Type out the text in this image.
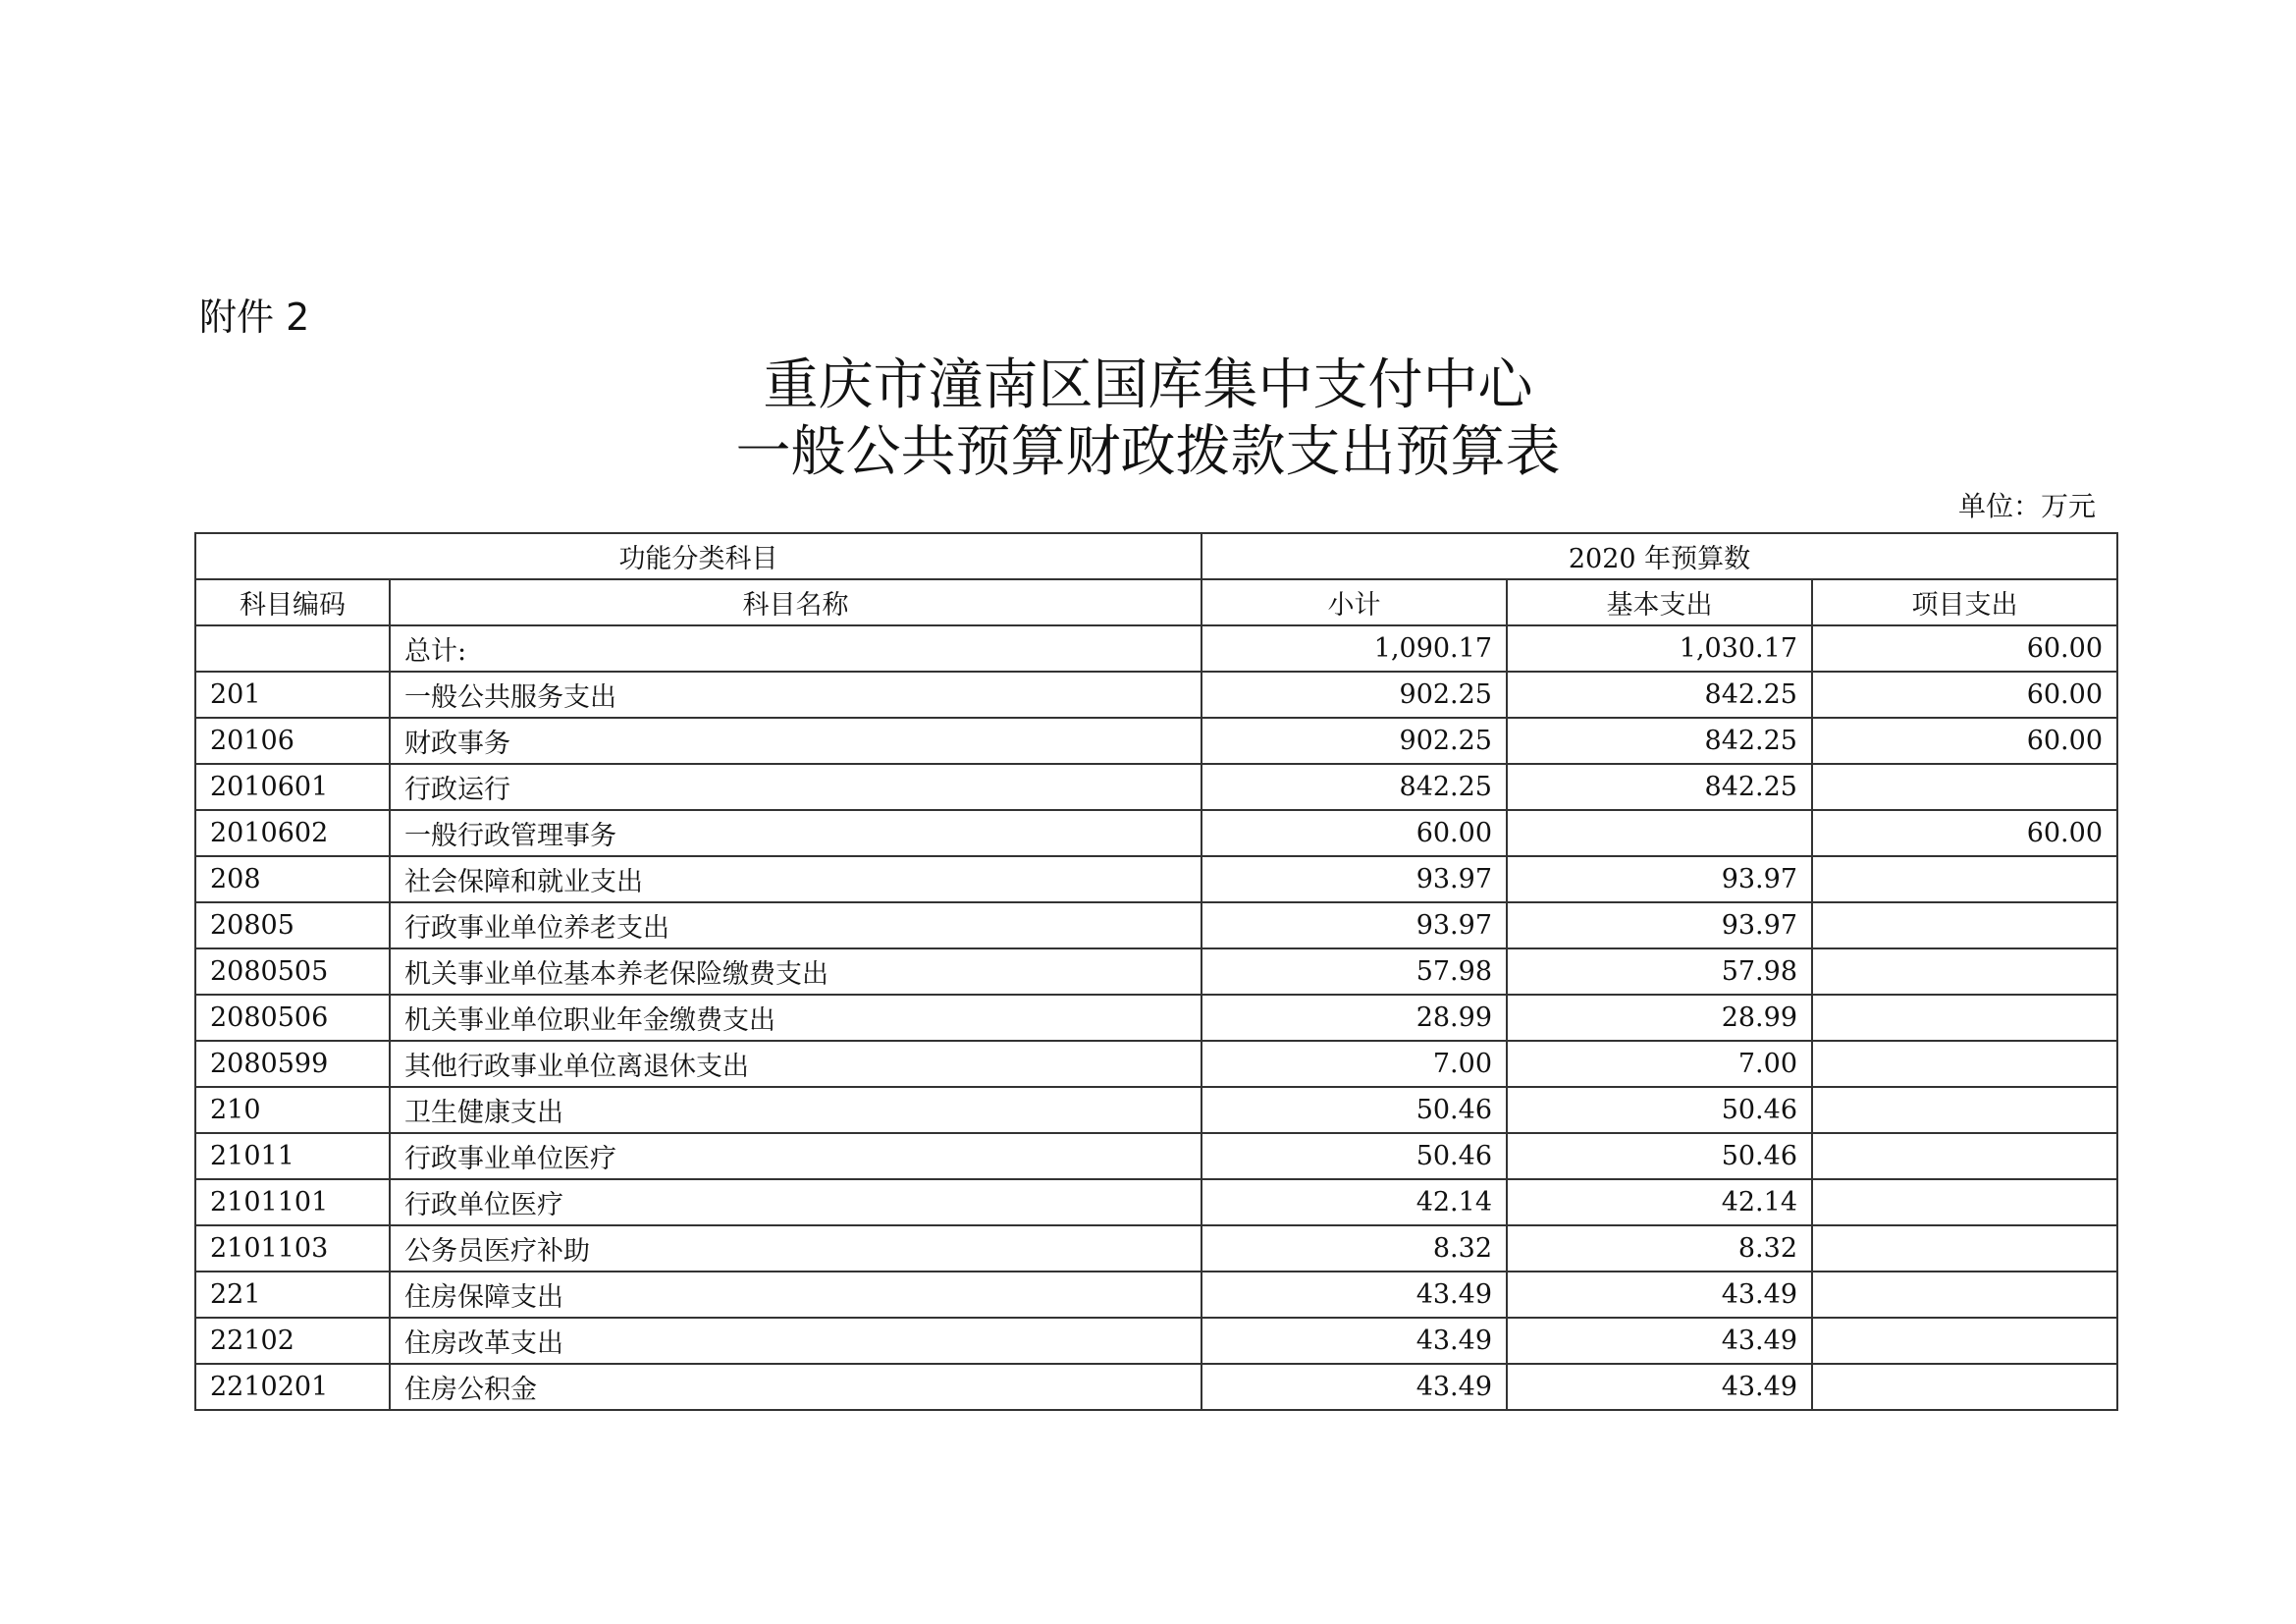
附件 2
重庆市潼南区国库集中支付中心
一般公共预算财政拨款支出预算表
单位：万元
功能分类科目		2020 年预算数		
科目编码	科目名称	小计	基本支出	项目支出
	总计:	1,090.17	1,030.17	60.00
201	一般公共服务支出	902.25	842.25	60.00
20106	财政事务	902.25	842.25	60.00
2010601	行政运行	842.25	842.25	
2010602	一般行政管理事务	60.00		60.00
208	社会保障和就业支出	93.97	93.97	
20805	行政事业单位养老支出	93.97	93.97	
2080505	机关事业单位基本养老保险缴费支出	57.98	57.98	
2080506	机关事业单位职业年金缴费支出	28.99	28.99	
2080599	其他行政事业单位离退休支出	7.00	7.00	
210	卫生健康支出	50.46	50.46	
21011	行政事业单位医疗	50.46	50.46	
2101101	行政单位医疗	42.14	42.14	
2101103	公务员医疗补助	8.32	8.32	
221	住房保障支出	43.49	43.49	
22102	住房改革支出	43.49	43.49	
2210201	住房公积金	43.49	43.49	
